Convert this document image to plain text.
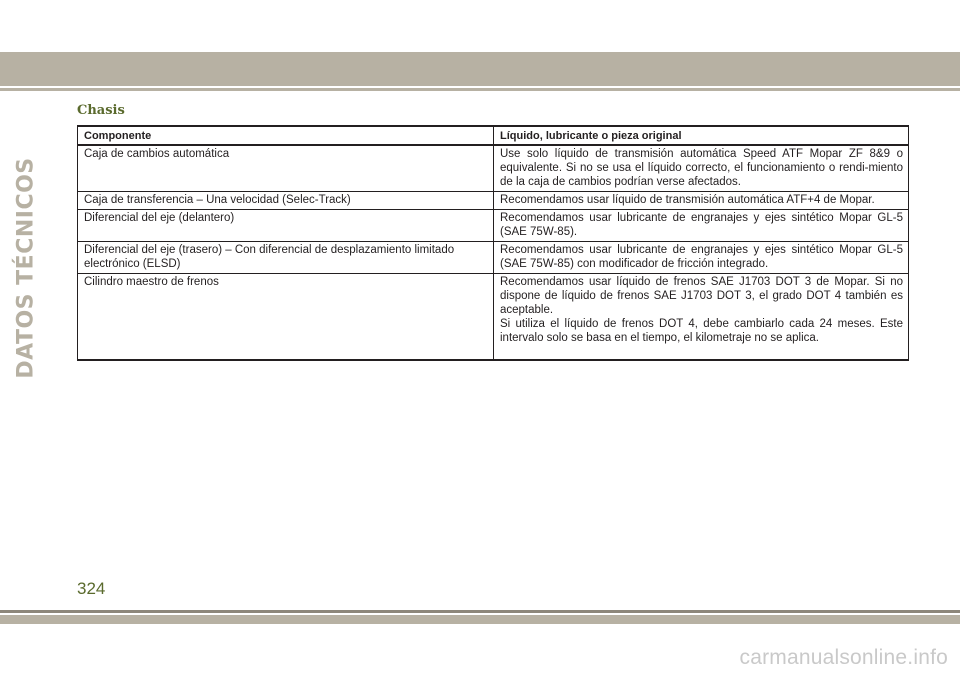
DATOS TÉCNICOS
Chasis
Componente	Líquido, lubricante o pieza original
Caja de cambios automática	Use solo líquido de transmisión automática Speed ATF Mopar ZF 8&9 o equivalente. Si no se usa el líquido correcto, el funcionamiento o rendi-miento de la caja de cambios podrían verse afectados.

Caja de transferencia – Una velocidad (Selec-Track)	Recomendamos usar líquido de transmisión automática ATF+4 de Mopar.

Diferencial del eje (delantero)	Recomendamos usar lubricante de engranajes y ejes sintético Mopar GL-5 (SAE 75W-85).

Diferencial del eje (trasero) – Con diferencial de desplazamiento limitado electrónico (ELSD)	Recomendamos usar lubricante de engranajes y ejes sintético Mopar GL-5 (SAE 75W-85) con modificador de fricción integrado.

Cilindro maestro de frenos	Recomendamos usar líquido de frenos SAE J1703 DOT 3 de Mopar. Si no dispone de líquido de frenos SAE J1703 DOT 3, el grado DOT 4 también es aceptable.
Si utiliza el líquido de frenos DOT 4, debe cambiarlo cada 24 meses. Este intervalo solo se basa en el tiempo, el kilometraje no se aplica.
324
carmanualsonline.info
